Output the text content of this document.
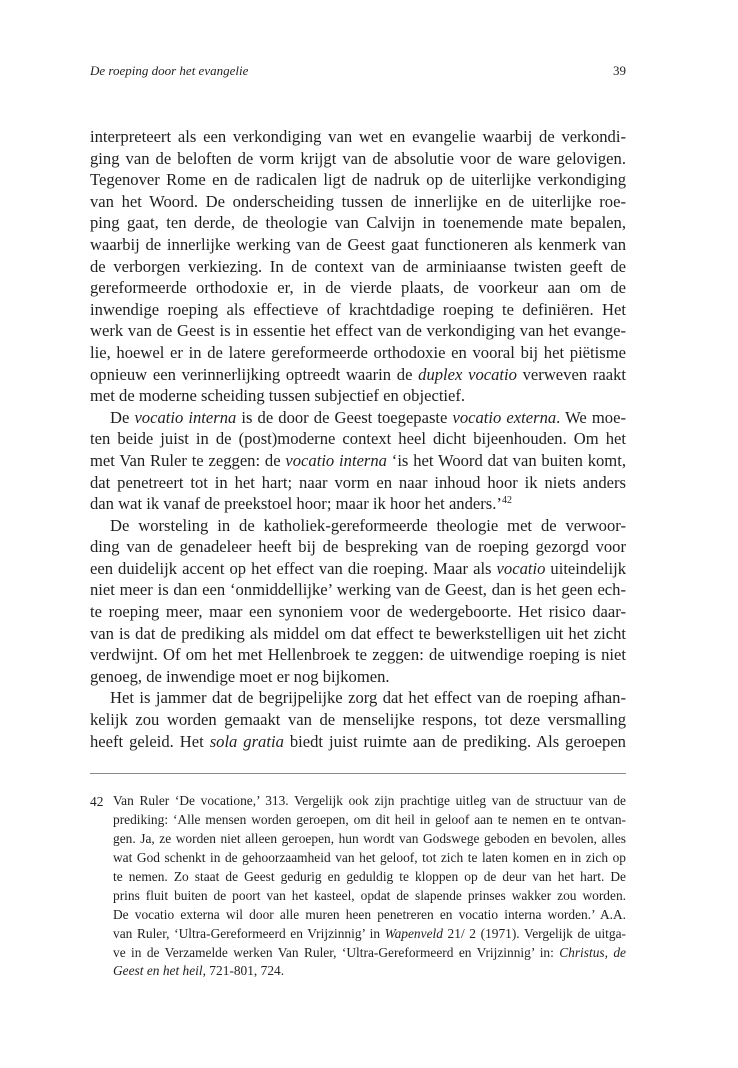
De roeping door het evangelie	39
interpreteert als een verkondiging van wet en evangelie waarbij de verkondi-
ging van de beloften de vorm krijgt van de absolutie voor de ware gelovigen.
Tegenover Rome en de radicalen ligt de nadruk op de uiterlijke verkondiging
van het Woord. De onderscheiding tussen de innerlijke en de uiterlijke roe-
ping gaat, ten derde, de theologie van Calvijn in toenemende mate bepalen,
waarbij de innerlijke werking van de Geest gaat functioneren als kenmerk van
de verborgen verkiezing. In de context van de arminiaanse twisten geeft de
gereformeerde orthodoxie er, in de vierde plaats, de voorkeur aan om de
inwendige roeping als effectieve of krachtdadige roeping te definiëren. Het
werk van de Geest is in essentie het effect van de verkondiging van het evange-
lie, hoewel er in de latere gereformeerde orthodoxie en vooral bij het piëtisme
opnieuw een verinnerlijking optreedt waarin de duplex vocatio verweven raakt
met de moderne scheiding tussen subjectief en objectief.
De vocatio interna is de door de Geest toegepaste vocatio externa. We moe-
ten beide juist in de (post)moderne context heel dicht bijeenhouden. Om het
met Van Ruler te zeggen: de vocatio interna ‘is het Woord dat van buiten komt,
dat penetreert tot in het hart; naar vorm en naar inhoud hoor ik niets anders
dan wat ik vanaf de preekstoel hoor; maar ik hoor het anders.’$^{42}$
De worsteling in de katholiek-gereformeerde theologie met de verwoor-
ding van de genadeleer heeft bij de bespreking van de roeping gezorgd voor
een duidelijk accent op het effect van die roeping. Maar als vocatio uiteindelijk
niet meer is dan een ‘onmiddellijke’ werking van de Geest, dan is het geen ech-
te roeping meer, maar een synoniem voor de wedergeboorte. Het risico daar-
van is dat de prediking als middel om dat effect te bewerkstelligen uit het zicht
verdwijnt. Of om het met Hellenbroek te zeggen: de uitwendige roeping is niet
genoeg, de inwendige moet er nog bijkomen.
Het is jammer dat de begrijpelijke zorg dat het effect van de roeping afhan-
kelijk zou worden gemaakt van de menselijke respons, tot deze versmalling
heeft geleid. Het sola gratia biedt juist ruimte aan de prediking. Als geroepen
42 Van Ruler ‘De vocatione,’ 313. Vergelijk ook zijn prachtige uitleg van de structuur van de
prediking: ‘Alle mensen worden geroepen, om dit heil in geloof aan te nemen en te ontvan-
gen. Ja, ze worden niet alleen geroepen, hun wordt van Godswege geboden en bevolen, alles
wat God schenkt in de gehoorzaamheid van het geloof, tot zich te laten komen en in zich op
te nemen. Zo staat de Geest gedurig en geduldig te kloppen op de deur van het hart. De
prins fluit buiten de poort van het kasteel, opdat de slapende prinses wakker zou worden.
De vocatio externa wil door alle muren heen penetreren en vocatio interna worden.’ A.A.
van Ruler, ‘Ultra-Gereformeerd en Vrijzinnig’ in Wapenveld 21/ 2 (1971). Vergelijk de uitga-
ve in de Verzamelde werken Van Ruler, ‘Ultra-Gereformeerd en Vrijzinnig’ in: Christus, de
Geest en het heil, 721-801, 724.
